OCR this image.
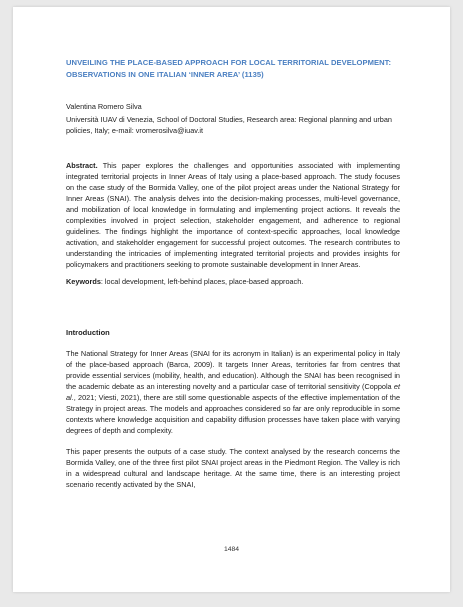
UNVEILING THE PLACE-BASED APPROACH FOR LOCAL TERRITORIAL DEVELOPMENT: OBSERVATIONS IN ONE ITALIAN ‘INNER AREA’ (1135)
Valentina Romero Silva
Università IUAV di Venezia, School of Doctoral Studies, Research area: Regional planning and urban policies, Italy; e-mail: vromerosilva@iuav.it

Abstract. This paper explores the challenges and opportunities associated with implementing integrated territorial projects in Inner Areas of Italy using a place-based approach. The study focuses on the case study of the Bormida Valley, one of the pilot project areas under the National Strategy for Inner Areas (SNAI). The analysis delves into the decision-making processes, multi-level governance, and mobilization of local knowledge in formulating and implementing project actions. It reveals the complexities involved in project selection, stakeholder engagement, and adherence to regional guidelines. The findings highlight the importance of context-specific approaches, local knowledge activation, and stakeholder engagement for successful project outcomes. The research contributes to understanding the intricacies of implementing integrated territorial projects and provides insights for policymakers and practitioners seeking to promote sustainable development in Inner Areas.

Keywords: local development, left-behind places, place-based approach.

Introduction

The National Strategy for Inner Areas (SNAI for its acronym in Italian) is an experimental policy in Italy of the place-based approach (Barca, 2009). It targets Inner Areas, territories far from centres that provide essential services (mobility, health, and education). Although the SNAI has been recognised in the academic debate as an interesting novelty and a particular case of territorial sensitivity (Coppola et al., 2021; Viesti, 2021), there are still some questionable aspects of the effective implementation of the Strategy in project areas. The models and approaches considered so far are only reproducible in some contexts where knowledge acquisition and capability diffusion processes have taken place with varying degrees of depth and complexity.

This paper presents the outputs of a case study. The context analysed by the research concerns the Bormida Valley, one of the three first pilot SNAI project areas in the Piedmont Region. The Valley is rich in a widespread cultural and landscape heritage. At the same time, there is an interesting project scenario recently activated by the SNAI,

1484
